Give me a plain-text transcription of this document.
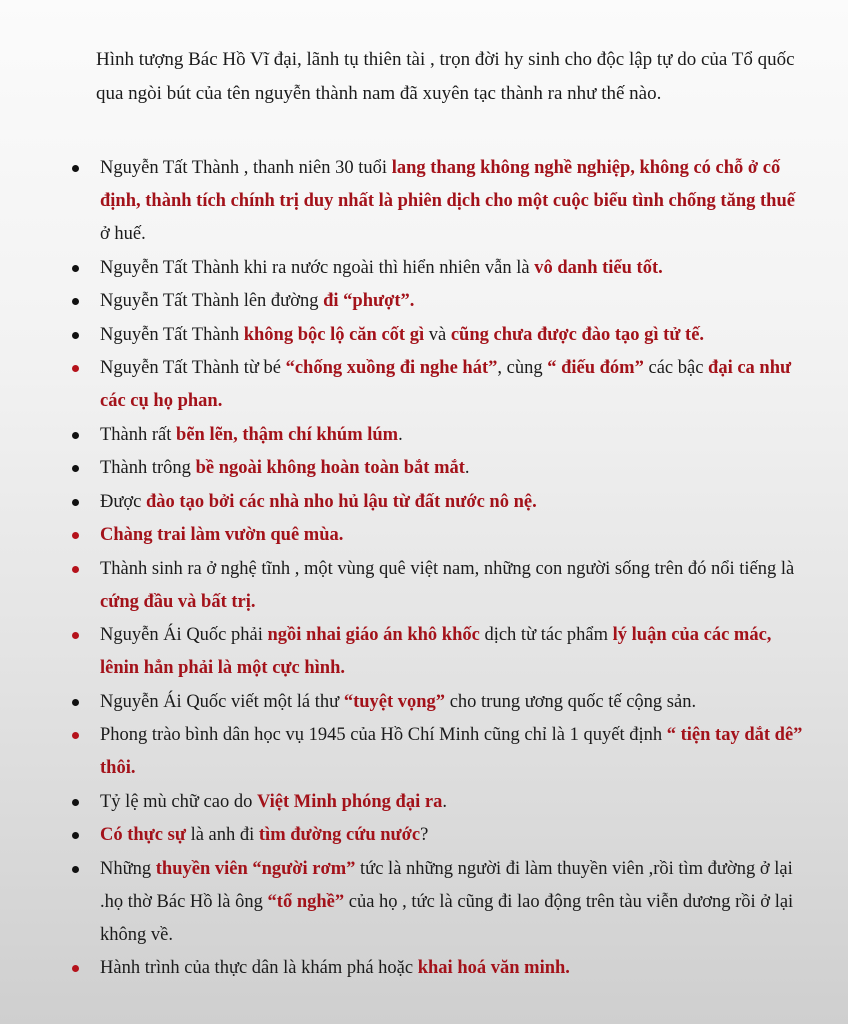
Hình tượng Bác Hồ Vĩ đại, lãnh tụ thiên tài , trọn đời hy sinh cho độc lập tự do của Tổ quốc qua ngòi bút của tên nguyễn thành nam đã xuyên tạc thành ra như thế nào.

Nguyễn Tất Thành , thanh niên 30 tuổi lang thang không nghề nghiệp, không có chỗ ở cố định, thành tích chính trị duy nhất là phiên dịch cho một cuộc biểu tình chống tăng thuế ở huế.
Nguyễn Tất Thành khi ra nước ngoài thì hiển nhiên vẫn là vô danh tiểu tốt.
Nguyễn Tất Thành lên đường đi “phượt”.
Nguyễn Tất Thành không bộc lộ căn cốt gì và cũng chưa được đào tạo gì tử tế.
Nguyễn Tất Thành từ bé “chống xuồng đi nghe hát”, cùng “ điếu đóm” các bậc đại ca như các cụ họ phan.
Thành rất bẽn lẽn, thậm chí khúm lúm.
Thành trông bề ngoài không hoàn toàn bắt mắt.
Được đào tạo bởi các nhà nho hủ lậu từ đất nước nô nệ.
Chàng trai làm vườn quê mùa.
Thành sinh ra ở nghệ tĩnh , một vùng quê việt nam, những con người sống trên đó nổi tiếng là cứng đầu và bất trị.
Nguyễn Ái Quốc phải ngồi nhai giáo án khô khốc dịch từ tác phẩm lý luận của các mác, lênin hẳn phải là một cực hình.
Nguyễn Ái Quốc viết một lá thư “tuyệt vọng” cho trung ương quốc tế cộng sản.
Phong trào bình dân học vụ 1945 của Hồ Chí Minh cũng chỉ là 1 quyết định “ tiện tay dắt dê” thôi.
Tỷ lệ mù chữ cao do Việt Minh phóng đại ra.
Có thực sự là anh đi tìm đường cứu nước?
Những thuyền viên “người rơm” tức là những người đi làm thuyền viên ,rồi tìm đường ở lại .họ thờ Bác Hồ là ông “tổ nghề” của họ , tức là cũng đi lao động trên tàu viễn dương rồi ở lại không về.
Hành trình của thực dân là khám phá hoặc khai hoá văn minh.
